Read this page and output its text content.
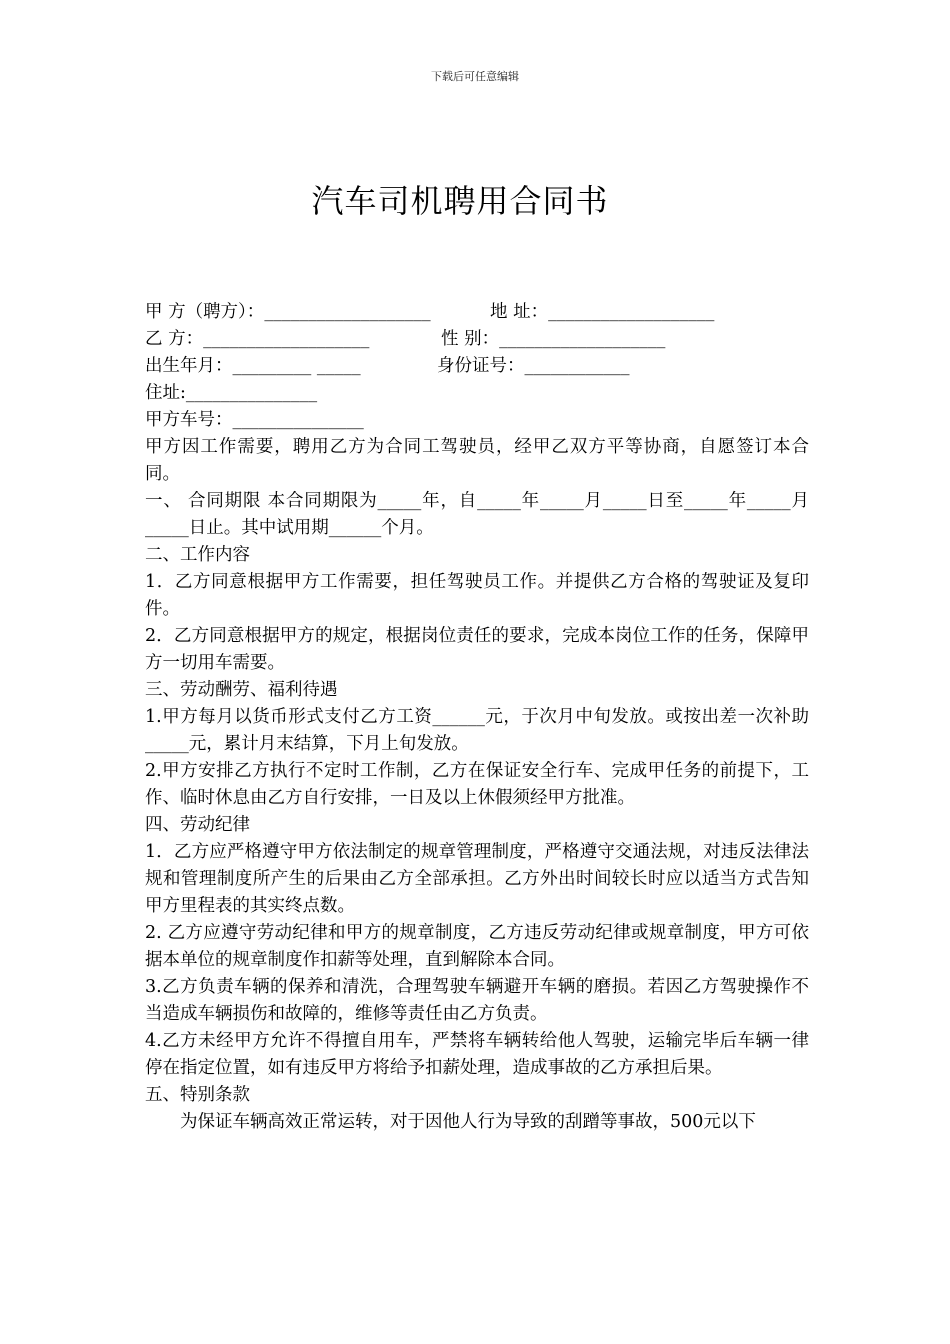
下载后可任意编辑
汽车司机聘用合同书
甲 方（聘方）：___________________	地 址：___________________
乙 方：___________________	性 别：___________________
出生年月：_________ _____	身份证号：____________
住址:_______________
甲方车号：_______________
甲方因工作需要，聘用乙方为合同工驾驶员，经甲乙双方平等协商，自愿签订本合同。
一、 合同期限 本合同期限为_____年，自_____年_____月_____日至_____年_____月_____日止。其中试用期______个月。
二、工作内容
1．乙方同意根据甲方工作需要，担任驾驶员工作。并提供乙方合格的驾驶证及复印件。
2．乙方同意根据甲方的规定，根据岗位责任的要求，完成本岗位工作的任务，保障甲方一切用车需要。
三、劳动酬劳、福利待遇
1.甲方每月以货币形式支付乙方工资______元，于次月中旬发放。或按出差一次补助_____元，累计月末结算，下月上旬发放。
2.甲方安排乙方执行不定时工作制，乙方在保证安全行车、完成甲任务的前提下，工作、临时休息由乙方自行安排，一日及以上休假须经甲方批准。
四、劳动纪律
1．乙方应严格遵守甲方依法制定的规章管理制度，严格遵守交通法规，对违反法律法规和管理制度所产生的后果由乙方全部承担。乙方外出时间较长时应以适当方式告知甲方里程表的其实终点数。
2. 乙方应遵守劳动纪律和甲方的规章制度，乙方违反劳动纪律或规章制度，甲方可依据本单位的规章制度作扣薪等处理，直到解除本合同。
3.乙方负责车辆的保养和清洗，合理驾驶车辆避开车辆的磨损。若因乙方驾驶操作不当造成车辆损伤和故障的，维修等责任由乙方负责。
4.乙方未经甲方允许不得擅自用车，严禁将车辆转给他人驾驶，运输完毕后车辆一律停在指定位置，如有违反甲方将给予扣薪处理，造成事故的乙方承担后果。
五、特别条款
为保证车辆高效正常运转，对于因他人行为导致的刮蹭等事故，500元以下
